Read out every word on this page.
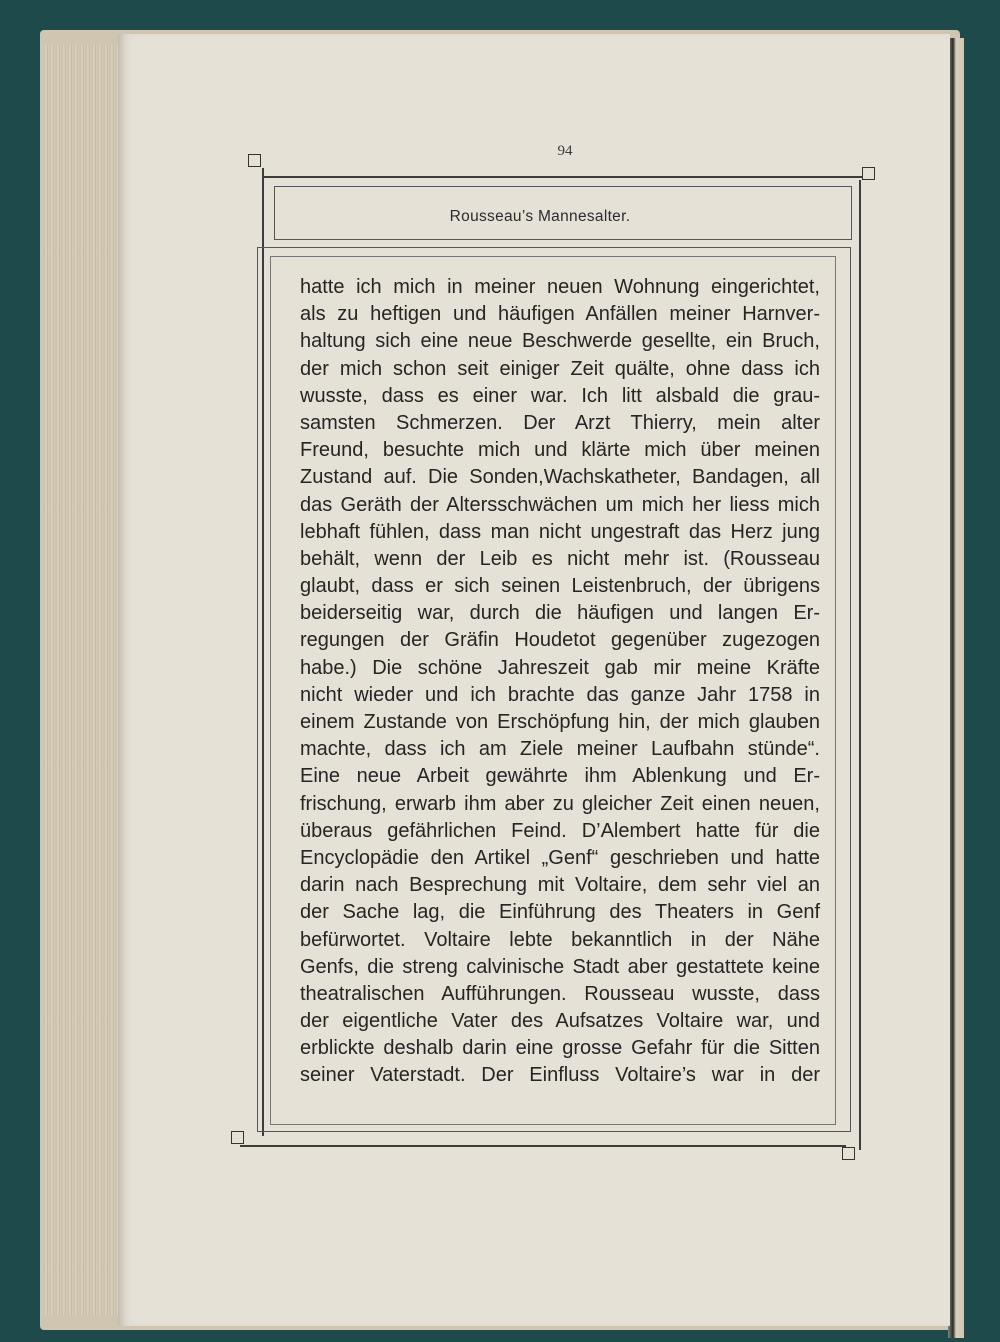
94
Rousseau’s Mannesalter.
hatte ich mich in meiner neuen Wohnung eingerichtet,
als zu heftigen und häufigen Anfällen meiner Harnver-
haltung sich eine neue Beschwerde gesellte, ein Bruch,
der mich schon seit einiger Zeit quälte, ohne dass ich
wusste, dass es einer war. Ich litt alsbald die grau-
samsten Schmerzen. Der Arzt Thierry, mein alter
Freund, besuchte mich und klärte mich über meinen
Zustand auf. Die Sonden,Wachskatheter, Bandagen, all
das Geräth der Altersschwächen um mich her liess mich
lebhaft fühlen, dass man nicht ungestraft das Herz jung
behält, wenn der Leib es nicht mehr ist. (Rousseau
glaubt, dass er sich seinen Leistenbruch, der übrigens
beiderseitig war, durch die häufigen und langen Er-
regungen der Gräfin Houdetot gegenüber zugezogen
habe.) Die schöne Jahreszeit gab mir meine Kräfte
nicht wieder und ich brachte das ganze Jahr 1758 in
einem Zustande von Erschöpfung hin, der mich glauben
machte, dass ich am Ziele meiner Laufbahn stünde“.
Eine neue Arbeit gewährte ihm Ablenkung und Er-
frischung, erwarb ihm aber zu gleicher Zeit einen neuen,
überaus gefährlichen Feind. D’Alembert hatte für die
Encyclopädie den Artikel „Genf“ geschrieben und hatte
darin nach Besprechung mit Voltaire, dem sehr viel an
der Sache lag, die Einführung des Theaters in Genf
befürwortet. Voltaire lebte bekanntlich in der Nähe
Genfs, die streng calvinische Stadt aber gestattete keine
theatralischen Aufführungen. Rousseau wusste, dass
der eigentliche Vater des Aufsatzes Voltaire war, und
erblickte deshalb darin eine grosse Gefahr für die Sitten
seiner Vaterstadt. Der Einfluss Voltaire’s war in der
